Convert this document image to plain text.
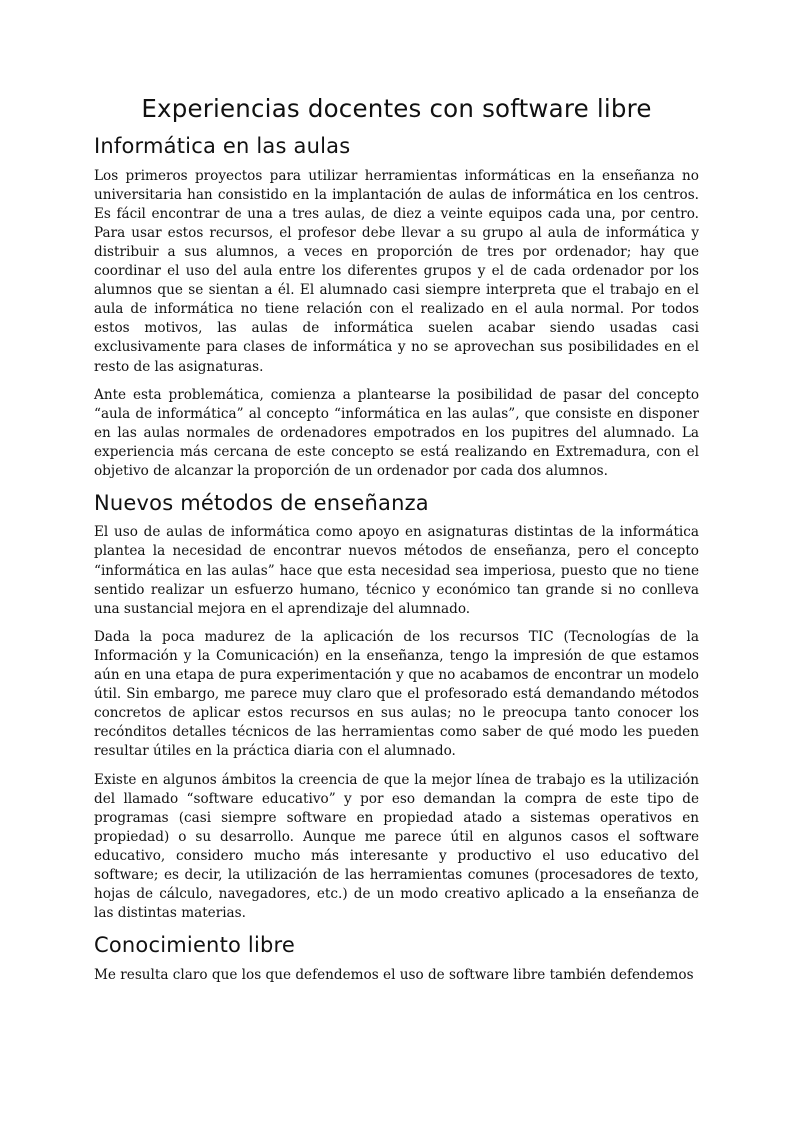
Experiencias docentes con software libre
Informática en las aulas

Los primeros proyectos para utilizar herramientas informáticas en la enseñanza no universitaria han consistido en la implantación de aulas de informática en los centros. Es fácil encontrar de una a tres aulas, de diez a veinte equipos cada una, por centro. Para usar estos recursos, el profesor debe llevar a su grupo al aula de informática y distribuir a sus alumnos, a veces en proporción de tres por ordenador; hay que coordinar el uso del aula entre los diferentes grupos y el de cada ordenador por los alumnos que se sientan a él. El alumnado casi siempre interpreta que el trabajo en el aula de informática no tiene relación con el realizado en el aula normal. Por todos estos motivos, las aulas de informática suelen acabar siendo usadas casi exclusivamente para clases de informática y no se aprovechan sus posibilidades en el resto de las asignaturas.

Ante esta problemática, comienza a plantearse la posibilidad de pasar del concepto “aula de informática” al concepto “informática en las aulas”, que consiste en disponer en las aulas normales de ordenadores empotrados en los pupitres del alumnado. La experiencia más cercana de este concepto se está realizando en Extremadura, con el objetivo de alcanzar la proporción de un ordenador por cada dos alumnos.

Nuevos métodos de enseñanza

El uso de aulas de informática como apoyo en asignaturas distintas de la informática plantea la necesidad de encontrar nuevos métodos de enseñanza, pero el concepto “informática en las aulas” hace que esta necesidad sea imperiosa, puesto que no tiene sentido realizar un esfuerzo humano, técnico y económico tan grande si no conlleva una sustancial mejora en el aprendizaje del alumnado.

Dada la poca madurez de la aplicación de los recursos TIC (Tecnologías de la Información y la Comunicación) en la enseñanza, tengo la impresión de que estamos aún en una etapa de pura experimentación y que no acabamos de encontrar un modelo útil. Sin embargo, me parece muy claro que el profesorado está demandando métodos concretos de aplicar estos recursos en sus aulas; no le preocupa tanto conocer los recónditos detalles técnicos de las herramientas como saber de qué modo les pueden resultar útiles en la práctica diaria con el alumnado.

Existe en algunos ámbitos la creencia de que la mejor línea de trabajo es la utilización del llamado “software educativo” y por eso demandan la compra de este tipo de programas (casi siempre software en propiedad atado a sistemas operativos en propiedad) o su desarrollo. Aunque me parece útil en algunos casos el software educativo, considero mucho más interesante y productivo el uso educativo del software; es decir, la utilización de las herramientas comunes (procesadores de texto, hojas de cálculo, navegadores, etc.) de un modo creativo aplicado a la enseñanza de las distintas materias.

Conocimiento libre

Me resulta claro que los que defendemos el uso de software libre también defendemos
